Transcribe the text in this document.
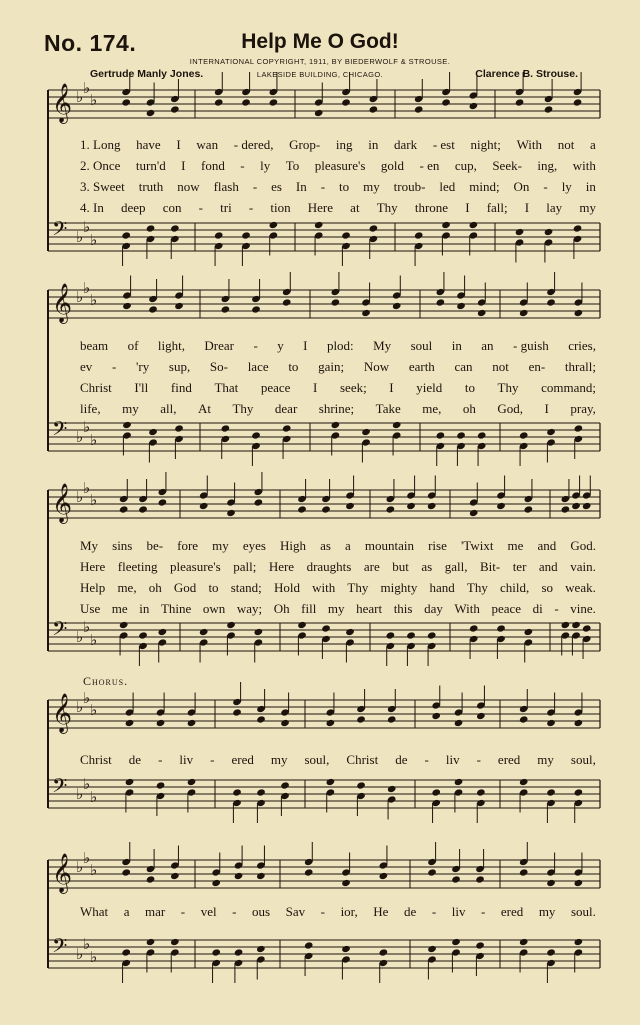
No. 174.	Help Me O God!
INTERNATIONAL COPYRIGHT, 1911, BY BIEDERWOLF & STROUSE.
LAKESIDE BUILDING, CHICAGO.
Gertrude Manly Jones.	Clarence B. Strouse.
𝄞 ♭ ♭
♭
𝄢 ♭
♭
♭
𝄞 ♭ ♭
♭
𝄢 ♭
♭
♭
𝄞 ♭ ♭
♭
𝄢 ♭
♭
♭
𝄞 ♭ ♭
♭
𝄢 ♭
♭
♭
𝄞 ♭ ♭
♭
𝄢 ♭
♭
♭
1. Long have I wan - dered, Grop- ing in dark - est night; With not a
2. Once turn'd I fond - ly To pleasure's gold - en cup, Seek- ing, with
3. Sweet truth now flash - es In - to my troub- led mind; On - ly in
4. In deep con - tri - tion Here at Thy throne I fall; I lay my
beam of light, Drear - y I plod: My soul in an - guish cries,
ev - 'ry sup, So- lace to gain; Now earth can not en- thrall;
Christ I'll find That peace I seek; I yield to Thy command;
life, my all, At Thy dear shrine; Take me, oh God, I pray,
My sins be- fore my eyes High as a mountain rise 'Twixt me and God.
Here fleeting pleasure's pall; Here draughts are but as gall, Bit- ter and vain.
Help me, oh God to stand; Hold with Thy mighty hand Thy child, so weak.
Use me in Thine own way; Oh fill my heart this day With peace di - vine.
Christ de - liv - ered my soul, Christ de - liv - ered my soul,
What a mar - vel - ous Sav - ior, He de - liv - ered my soul.
Chorus.
